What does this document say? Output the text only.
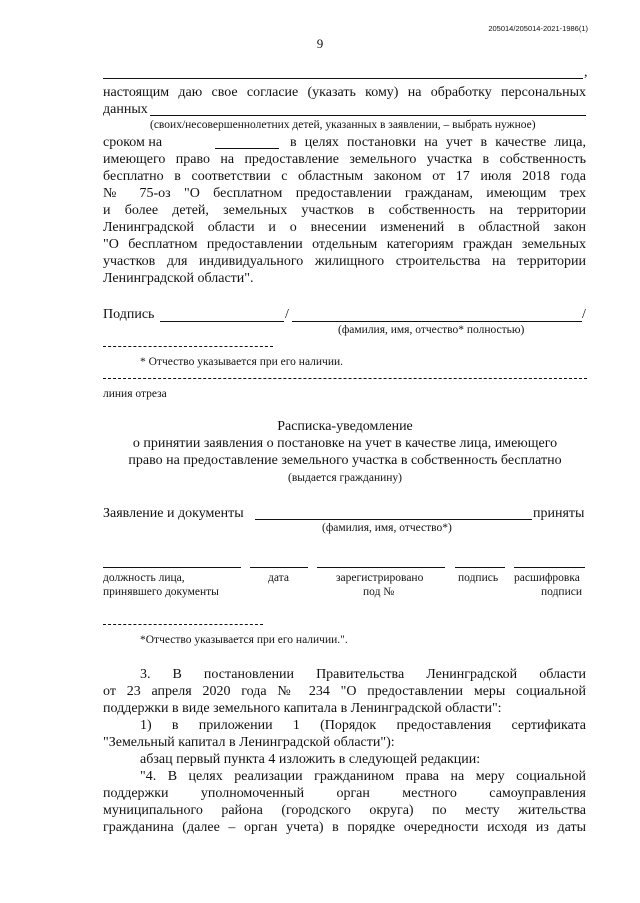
205014/205014-2021-1986(1)
9
,
настоящим даю свое согласие (указать кому) на обработку персональных
данных
(своих/несовершеннолетних детей, указанных в заявлении, – выбрать нужное)
сроком на	в целях постановки на учет в качестве лица,
имеющего право на предоставление земельного участка в собственность
бесплатно в соответствии с областным законом от 17 июля 2018 года
№ 75-оз "О бесплатном предоставлении гражданам, имеющим трех
и более детей, земельных участков в собственность на территории
Ленинградской области и о внесении изменений в областной закон
"О бесплатном предоставлении отдельным категориям граждан земельных
участков для индивидуального жилищного строительства на территории
Ленинградской области".
Подпись	/	/
(фамилия, имя, отчество* полностью)
* Отчество указывается при его наличии.
линия отреза
Расписка-уведомление
о принятии заявления о постановке на учет в качестве лица, имеющего
право на предоставление земельного участка в собственность бесплатно
(выдается гражданину)
Заявление и документы	приняты
(фамилия, имя, отчество*)
должность лица,
принявшего документы
дата	зарегистрировано
под №
подпись расшифровка
подписи
*Отчество указывается при его наличии.".
3.   В   постановлении   Правительства   Ленинградской   области
от 23 апреля 2020 года № 234 "О предоставлении меры социальной
поддержки в виде земельного капитала в Ленинградской области":
1)   в   приложении   1   (Порядок   предоставления   сертификата
"Земельный капитал в Ленинградской области"):
абзац первый пункта 4 изложить в следующей редакции:
"4. В целях реализации гражданином права на меру социальной
поддержки   уполномоченный   орган   местного   самоуправления
муниципального района (городского округа) по месту жительства
гражданина (далее – орган учета) в порядке очередности исходя из даты
